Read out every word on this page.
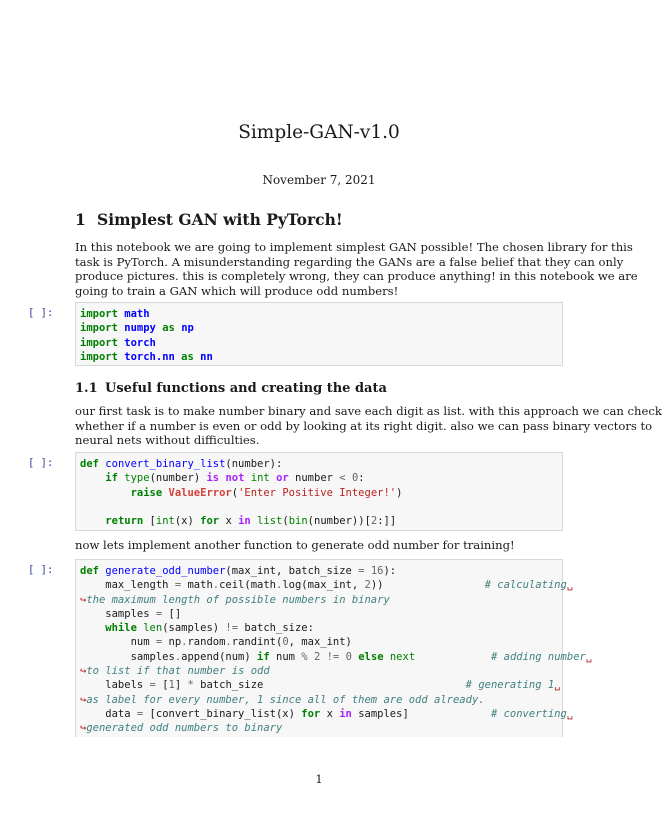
Simple-GAN-v1.0
November 7, 2021
1 Simplest GAN with PyTorch!
In this notebook we are going to implement simplest GAN possible! The chosen library for this
task is PyTorch. A misunderstanding regarding the GANs are a false belief that they can only
produce pictures. this is completely wrong, they can produce anything! in this notebook we are
going to train a GAN which will produce odd numbers!
[ ]:	import math
import numpy as np
import torch
import torch.nn as nn
1.1 Useful functions and creating the data
our first task is to make number binary and save each digit as list. with this approach we can check
whether if a number is even or odd by looking at its right digit. also we can pass binary vectors to
neural nets without difficulties.
[ ]:	def convert_binary_list(number):
if type(number) is not int or number < 0:
raise ValueError('Enter Positive Integer!')
return [int(x) for x in list(bin(number))[2:]]
now lets implement another function to generate odd number for training!
[ ]:	def generate_odd_number(max_int, batch_size = 16):
max_length = math.ceil(math.log(max_int, 2))                # calculating␣
↪the maximum length of possible numbers in binary
samples = []
while len(samples) != batch_size:
num = np.random.randint(0, max_int)
samples.append(num) if num % 2 != 0 else next	# adding number␣
↪to list if that number is odd
labels = [1] * batch_size                                # generating 1␣
↪as label for every number, 1 since all of them are odd already.
data = [convert_binary_list(x) for x in samples]             # converting␣
↪generated odd numbers to binary
1
